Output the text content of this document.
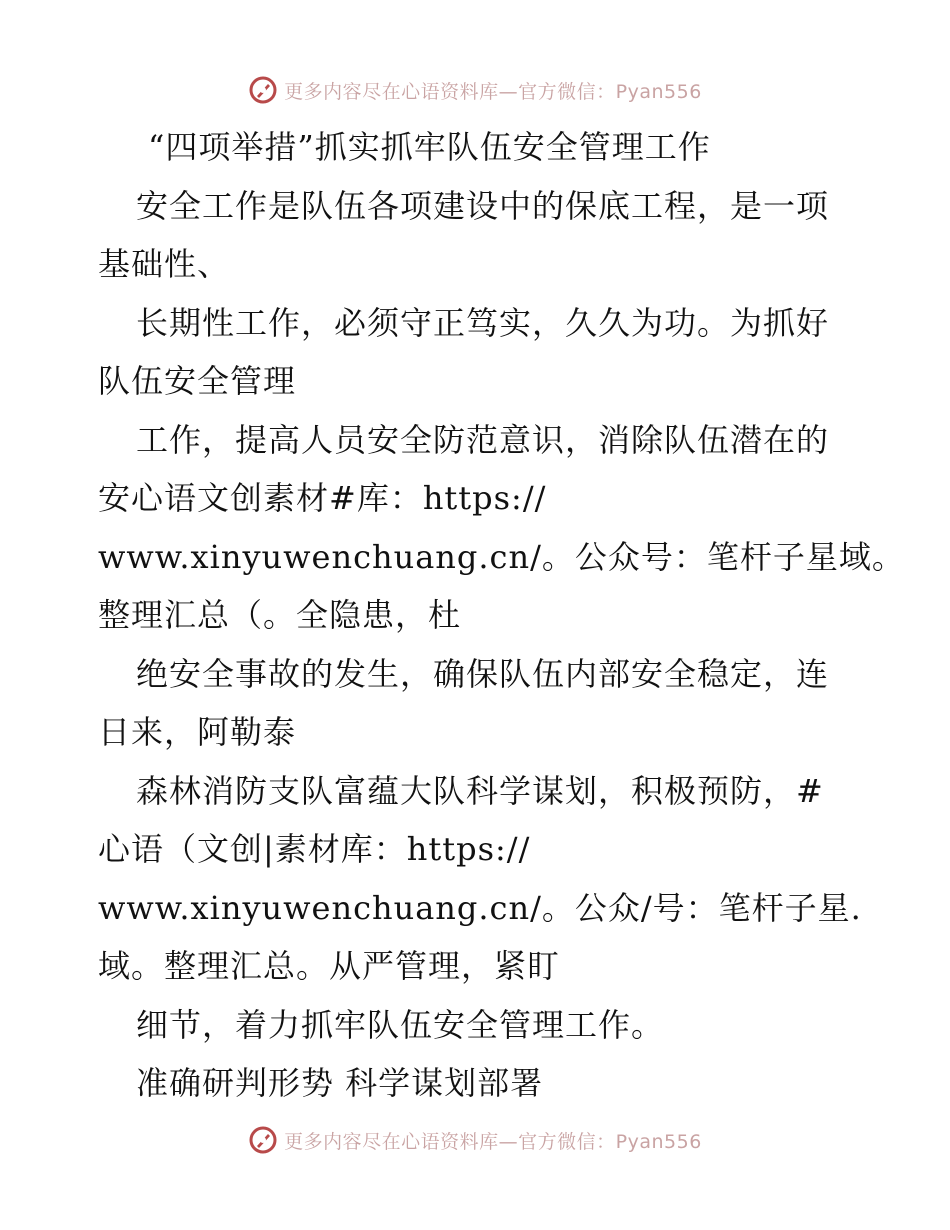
更多内容尽在心语资料库—官方微信：Pyan556
“四项举措”抓实抓牢队伍安全管理工作
安全工作是队伍各项建设中的保底工程，是一项
基础性、
长期性工作，必须守正笃实，久久为功。为抓好
队伍安全管理
工作，提高人员安全防范意识，消除队伍潜在的
安心语文创素材#库：https://
www.xinyuwenchuang.cn/。公众号：笔杆子星域。
整理汇总（。全隐患，杜
绝安全事故的发生，确保队伍内部安全稳定，连
日来，阿勒泰
森林消防支队富蕴大队科学谋划，积极预防，#
心语（文创|素材库：https://
www.xinyuwenchuang.cn/。公众/号：笔杆子星.
域。整理汇总。从严管理，紧盯
细节，着力抓牢队伍安全管理工作。
准确研判形势 科学谋划部署
更多内容尽在心语资料库—官方微信：Pyan556
